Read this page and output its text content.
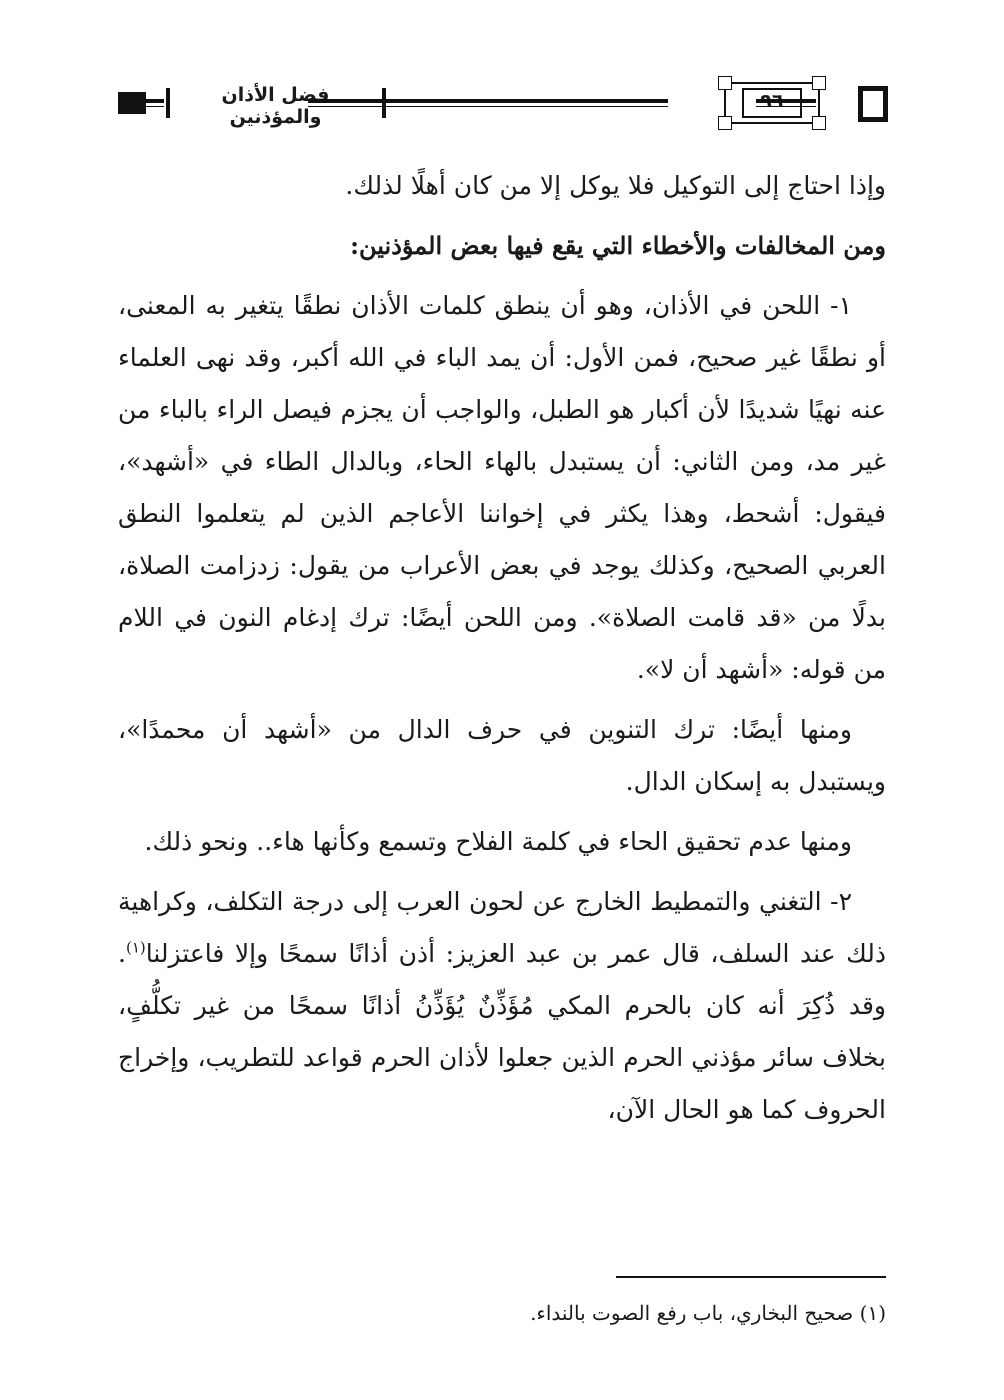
فضل الأذان والمؤذنين
٩٦

وإذا احتاج إلى التوكيل فلا يوكل إلا من كان أهلًا لذلك.

ومن المخالفات والأخطاء التي يقع فيها بعض المؤذنين:

١- اللحن في الأذان، وهو أن ينطق كلمات الأذان نطقًا يتغير به المعنى، أو نطقًا غير صحيح، فمن الأول: أن يمد الباء في الله أكبر، وقد نهى العلماء عنه نهيًا شديدًا لأن أكبار هو الطبل، والواجب أن يجزم فيصل الراء بالباء من غير مد، ومن الثاني: أن يستبدل بالهاء الحاء، وبالدال الطاء في «أشهد»، فيقول: أشحط، وهذا يكثر في إخواننا الأعاجم الذين لم يتعلموا النطق العربي الصحيح، وكذلك يوجد في بعض الأعراب من يقول: زدزامت الصلاة، بدلًا من «قد قامت الصلاة». ومن اللحن أيضًا: ترك إدغام النون في اللام من قوله: «أشهد أن لا».

ومنها أيضًا: ترك التنوين في حرف الدال من «أشهد أن محمدًا»، ويستبدل به إسكان الدال.

ومنها عدم تحقيق الحاء في كلمة الفلاح وتسمع وكأنها هاء.. ونحو ذلك.

٢- التغني والتمطيط الخارج عن لحون العرب إلى درجة التكلف، وكراهية ذلك عند السلف، قال عمر بن عبد العزيز: أذن أذانًا سمحًا وإلا فاعتزلنا$^{(١)}$. وقد ذُكِرَ أنه كان بالحرم المكي مُؤَذِّنٌ يُؤَذِّنُ أذانًا سمحًا من غير تكلُّفٍ، بخلاف سائر مؤذني الحرم الذين جعلوا لأذان الحرم قواعد للتطريب، وإخراج الحروف كما هو الحال الآن،

(١) صحيح البخاري، باب رفع الصوت بالنداء.
